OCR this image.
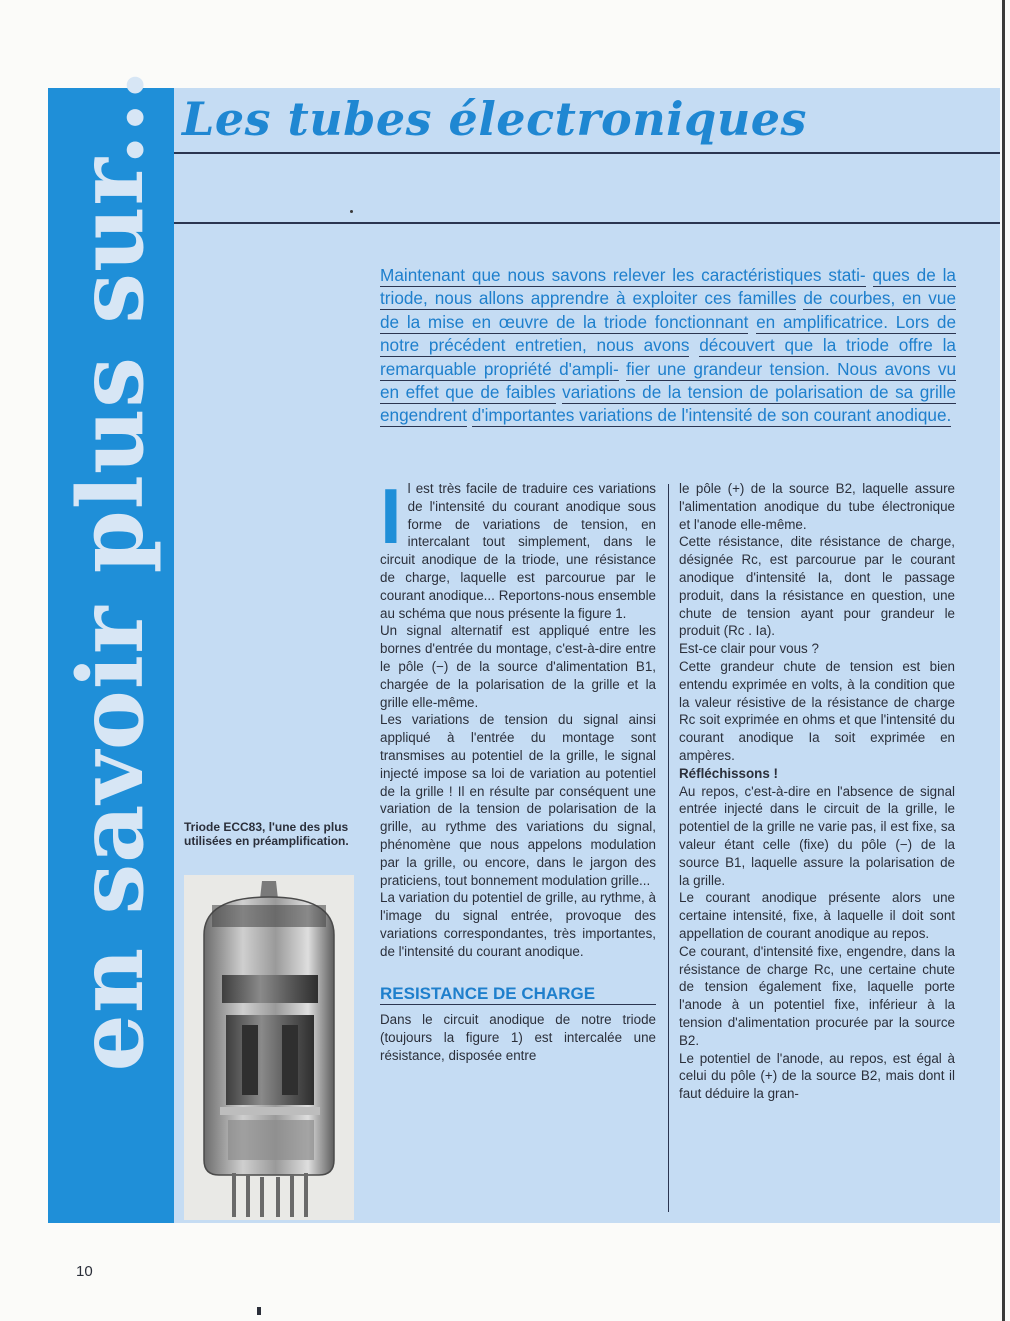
en savoir plus sur... Les tubes électroniques

Maintenant que nous savons relever les caractéristiques stati- ques de la triode, nous allons apprendre à exploiter ces familles de courbes, en vue de la mise en œuvre de la triode fonctionnant en amplificatrice. Lors de notre précédent entretien, nous avons découvert que la triode offre la remarquable propriété d'ampli- fier une grandeur tension. Nous avons vu en effet que de faibles variations de la tension de polarisation de sa grille engendrent d'importantes variations de l'intensité de son courant anodique.

Il est très facile de traduire ces variations de l'intensité du courant anodique sous forme de variations de tension, en intercalant tout simplement, dans le circuit anodique de la triode, une résistance de charge, laquelle est parcourue par le courant anodique... Reportons-nous ensemble au schéma que nous présente la figure 1.

Un signal alternatif est appliqué entre les bornes d'entrée du montage, c'est-à-dire entre le pôle (−) de la source d'alimentation B1, chargée de la polarisation de la grille et la grille elle-même.

Les variations de tension du signal ainsi appliqué à l'entrée du montage sont transmises au potentiel de la grille, le signal injecté impose sa loi de variation au potentiel de la grille ! Il en résulte par conséquent une variation de la tension de polarisation de la grille, au rythme des variations du signal, phénomène que nous appelons modulation par la grille, ou encore, dans le jargon des praticiens, tout bonnement modulation grille...

La variation du potentiel de grille, au rythme, à l'image du signal entrée, provoque des variations correspondantes, très importantes, de l'intensité du courant anodique.

RESISTANCE DE CHARGE

Dans le circuit anodique de notre triode (toujours la figure 1) est intercalée une résistance, disposée entre

le pôle (+) de la source B2, laquelle assure l'alimentation anodique du tube électronique et l'anode elle-même.

Cette résistance, dite résistance de charge, désignée Rc, est parcourue par le courant anodique d'intensité Ia, dont le passage produit, dans la résistance en question, une chute de tension ayant pour grandeur le produit (Rc . Ia).

Est-ce clair pour vous ?

Cette grandeur chute de tension est bien entendu exprimée en volts, à la condition que la valeur résistive de la résistance de charge Rc soit exprimée en ohms et que l'intensité du courant anodique Ia soit exprimée en ampères.

Réfléchissons !

Au repos, c'est-à-dire en l'absence de signal entrée injecté dans le circuit de la grille, le potentiel de la grille ne varie pas, il est fixe, sa valeur étant celle (fixe) du pôle (−) de la source B1, laquelle assure la polarisation de la grille.

Le courant anodique présente alors une certaine intensité, fixe, à laquelle il doit sont appellation de courant anodique au repos.

Ce courant, d'intensité fixe, engendre, dans la résistance de charge Rc, une certaine chute de tension également fixe, laquelle porte l'anode à un potentiel fixe, inférieur à la tension d'alimentation procurée par la source B2.

Le potentiel de l'anode, au repos, est égal à celui du pôle (+) de la source B2, mais dont il faut déduire la gran-

Triode ECC83, l'une des plus utilisées en préamplification.
10
